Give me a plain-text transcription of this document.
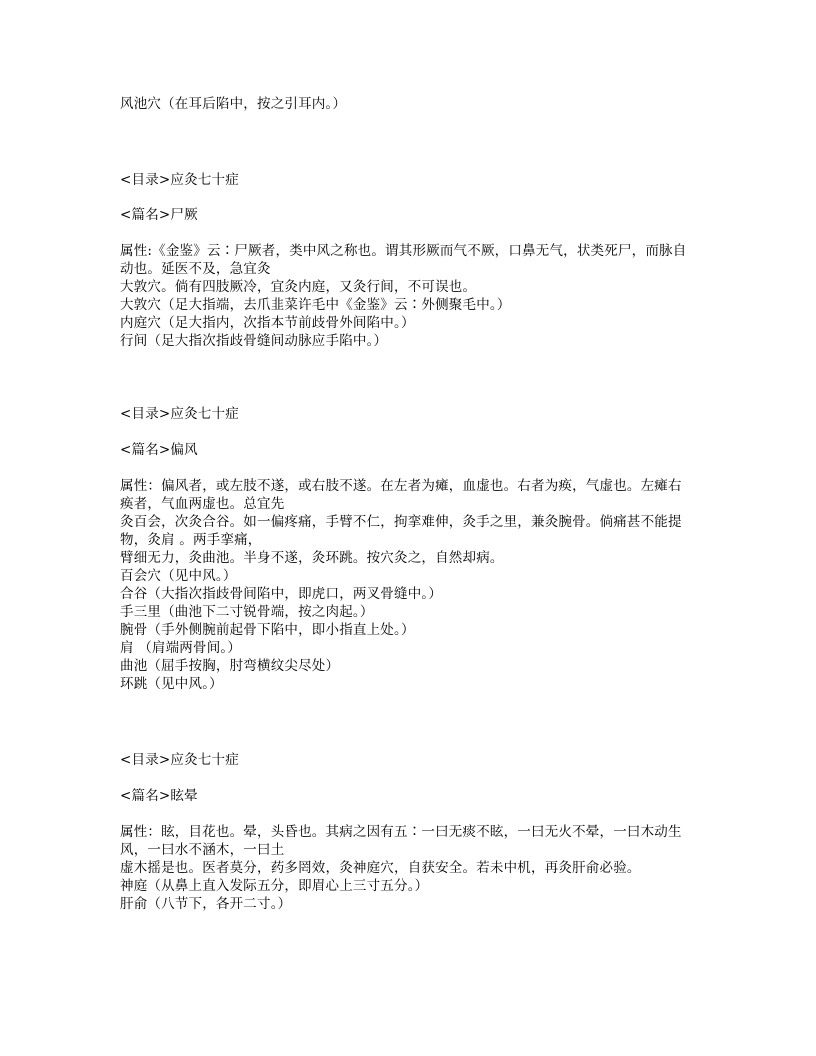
风池穴（在耳后陷中，按之引耳内。）
<目录>应灸七十症
<篇名>尸厥
属性:《金鉴》云∶尸厥者，类中风之称也。谓其形厥而气不厥，口鼻无气，状类死尸，而脉自
动也。延医不及，急宜灸
大敦穴。倘有四肢厥冷，宜灸内庭，又灸行间，不可误也。
大敦穴（足大指端，去爪韭菜许毛中《金鉴》云∶外侧聚毛中。）
内庭穴（足大指内，次指本节前歧骨外间陷中。）
行间（足大指次指歧骨缝间动脉应手陷中。）
<目录>应灸七十症
<篇名>偏风
属性：偏风者，或左肢不遂，或右肢不遂。在左者为瘫，血虚也。右者为痪，气虚也。左瘫右
痪者，气血两虚也。总宜先
灸百会，次灸合谷。如一偏疼痛，手臂不仁，拘挛难伸，灸手之里，兼灸腕骨。倘痛甚不能提
物，灸肩 。两手挛痛，
臂细无力，灸曲池。半身不遂，灸环跳。按穴灸之，自然却病。
百会穴（见中风。）
合谷（大指次指歧骨间陷中，即虎口，两叉骨缝中。）
手三里（曲池下二寸锐骨端，按之肉起。）
腕骨（手外侧腕前起骨下陷中，即小指直上处。）
肩 （肩端两骨间。）
曲池（屈手按胸，肘弯横纹尖尽处）
环跳（见中风。）
<目录>应灸七十症
<篇名>眩晕
属性：眩，目花也。晕，头昏也。其病之因有五∶一曰无痰不眩，一曰无火不晕，一曰木动生
风，一曰水不涵木，一曰土
虚木摇是也。医者莫分，药多罔效，灸神庭穴，自获安全。若未中机，再灸肝俞必验。
神庭（从鼻上直入发际五分，即眉心上三寸五分。）
肝俞（八节下，各开二寸。）
